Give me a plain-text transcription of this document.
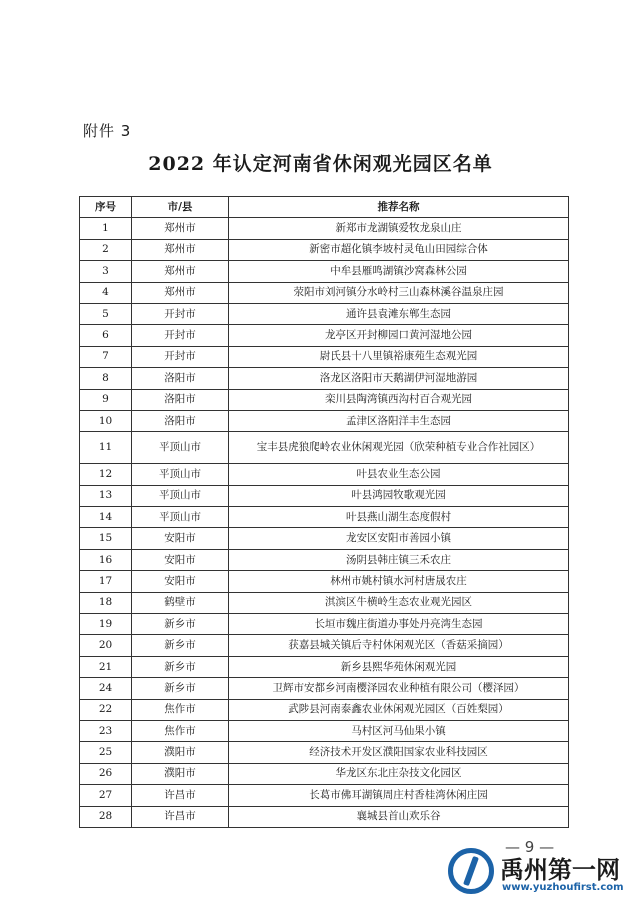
附件 3
2022 年认定河南省休闲观光园区名单
序号	市/县	推荐名称
1	郑州市	新郑市龙湖镇爱牧龙泉山庄
2	郑州市	新密市超化镇李坡村灵龟山田园综合体
3	郑州市	中牟县雁鸣湖镇沙窝森林公园
4	郑州市	荥阳市刘河镇分水岭村三山森林溪谷温泉庄园
5	开封市	通许县袁滩东郸生态园
6	开封市	龙亭区开封柳园口黄河湿地公园
7	开封市	尉氏县十八里镇裕康苑生态观光园
8	洛阳市	洛龙区洛阳市天鹅湖伊河湿地游园
9	洛阳市	栾川县陶湾镇西沟村百合观光园
10	洛阳市	孟津区洛阳洋丰生态园
11	平顶山市	宝丰县虎狼爬岭农业休闲观光园（欣荣种植专业合作社园区）
12	平顶山市	叶县农业生态公园
13	平顶山市	叶县鸿园牧歌观光园
14	平顶山市	叶县燕山湖生态度假村
15	安阳市	龙安区安阳市善园小镇
16	安阳市	汤阴县韩庄镇三禾农庄
17	安阳市	林州市姚村镇水河村唐晟农庄
18	鹤壁市	淇滨区牛横岭生态农业观光园区
19	新乡市	长垣市魏庄街道办事处丹亮湾生态园
20	新乡市	获嘉县城关镇后寺村休闲观光区（香菇采摘园）
21	新乡市	新乡县熙华苑休闲观光园
24	新乡市	卫辉市安都乡河南樱泽园农业种植有限公司（樱泽园）
22	焦作市	武陟县河南泰鑫农业休闲观光园区（百姓梨园）
23	焦作市	马村区河马仙果小镇
25	濮阳市	经济技术开发区濮阳国家农业科技园区
26	濮阳市	华龙区东北庄杂技文化园区
27	许昌市	长葛市佛耳湖镇周庄村香桂湾休闲庄园
28	许昌市	襄城县首山欢乐谷
— 9 —
禹州第一网
www.yuzhoufirst.com
